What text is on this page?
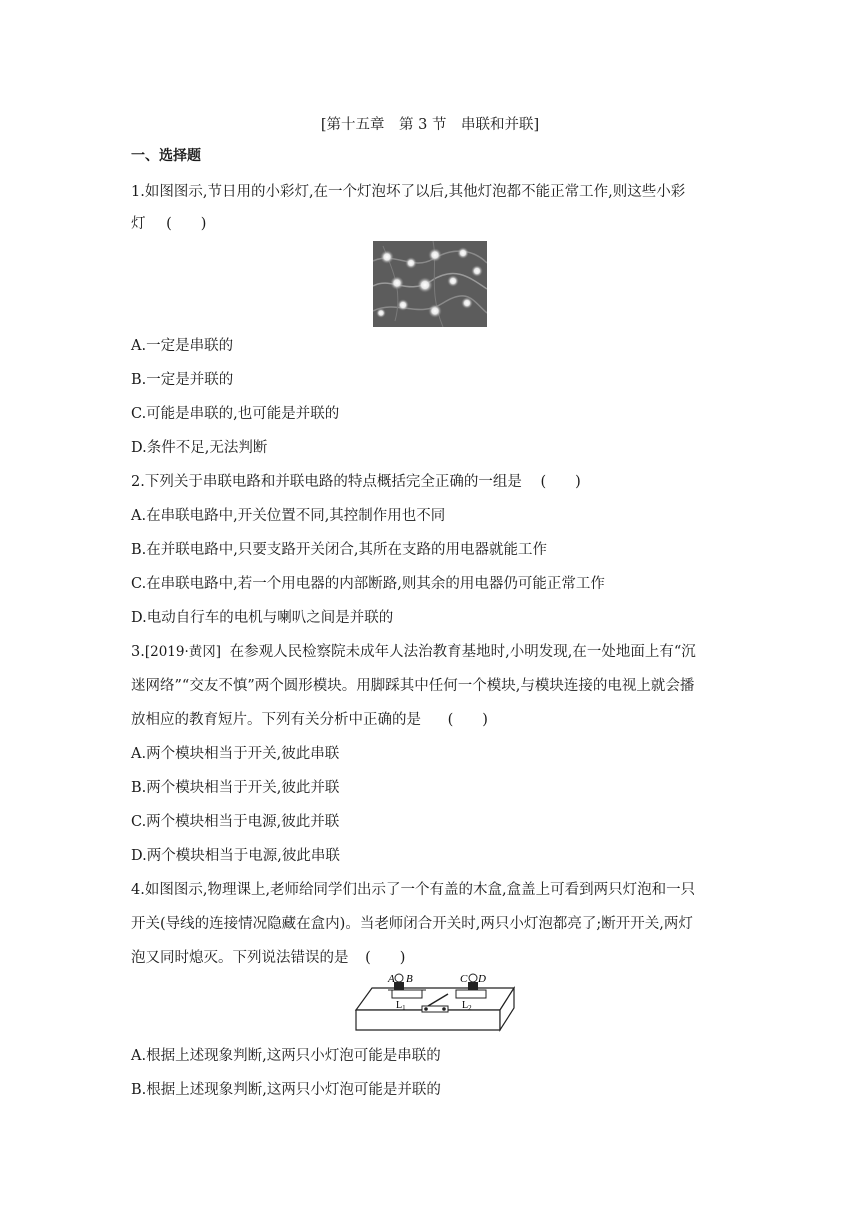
[第十五章　第 3 节　串联和并联]
一、选择题
1.如图图示,节日用的小彩灯,在一个灯泡坏了以后,其他灯泡都不能正常工作,则这些小彩
灯 (　　)
A.一定是串联的
B.一定是并联的
C.可能是串联的,也可能是并联的
D.条件不足,无法判断
2.下列关于串联电路和并联电路的特点概括完全正确的一组是 (　　)
A.在串联电路中,开关位置不同,其控制作用也不同
B.在并联电路中,只要支路开关闭合,其所在支路的用电器就能工作
C.在串联电路中,若一个用电器的内部断路,则其余的用电器仍可能正常工作
D.电动自行车的电机与喇叭之间是并联的
3.[2019·黄冈] 在参观人民检察院未成年人法治教育基地时,小明发现,在一处地面上有“沉
迷网络”“交友不慎”两个圆形模块。用脚踩其中任何一个模块,与模块连接的电视上就会播
放相应的教育短片。下列有关分析中正确的是 (　　)
A.两个模块相当于开关,彼此串联
B.两个模块相当于开关,彼此并联
C.两个模块相当于电源,彼此并联
D.两个模块相当于电源,彼此串联
4.如图图示,物理课上,老师给同学们出示了一个有盖的木盒,盒盖上可看到两只灯泡和一只
开关(导线的连接情况隐藏在盒内)。当老师闭合开关时,两只小灯泡都亮了;断开开关,两灯
泡又同时熄灭。下列说法错误的是 (　　)
A B	C D
$L_1$	$L_2$
A.根据上述现象判断,这两只小灯泡可能是串联的
B.根据上述现象判断,这两只小灯泡可能是并联的
